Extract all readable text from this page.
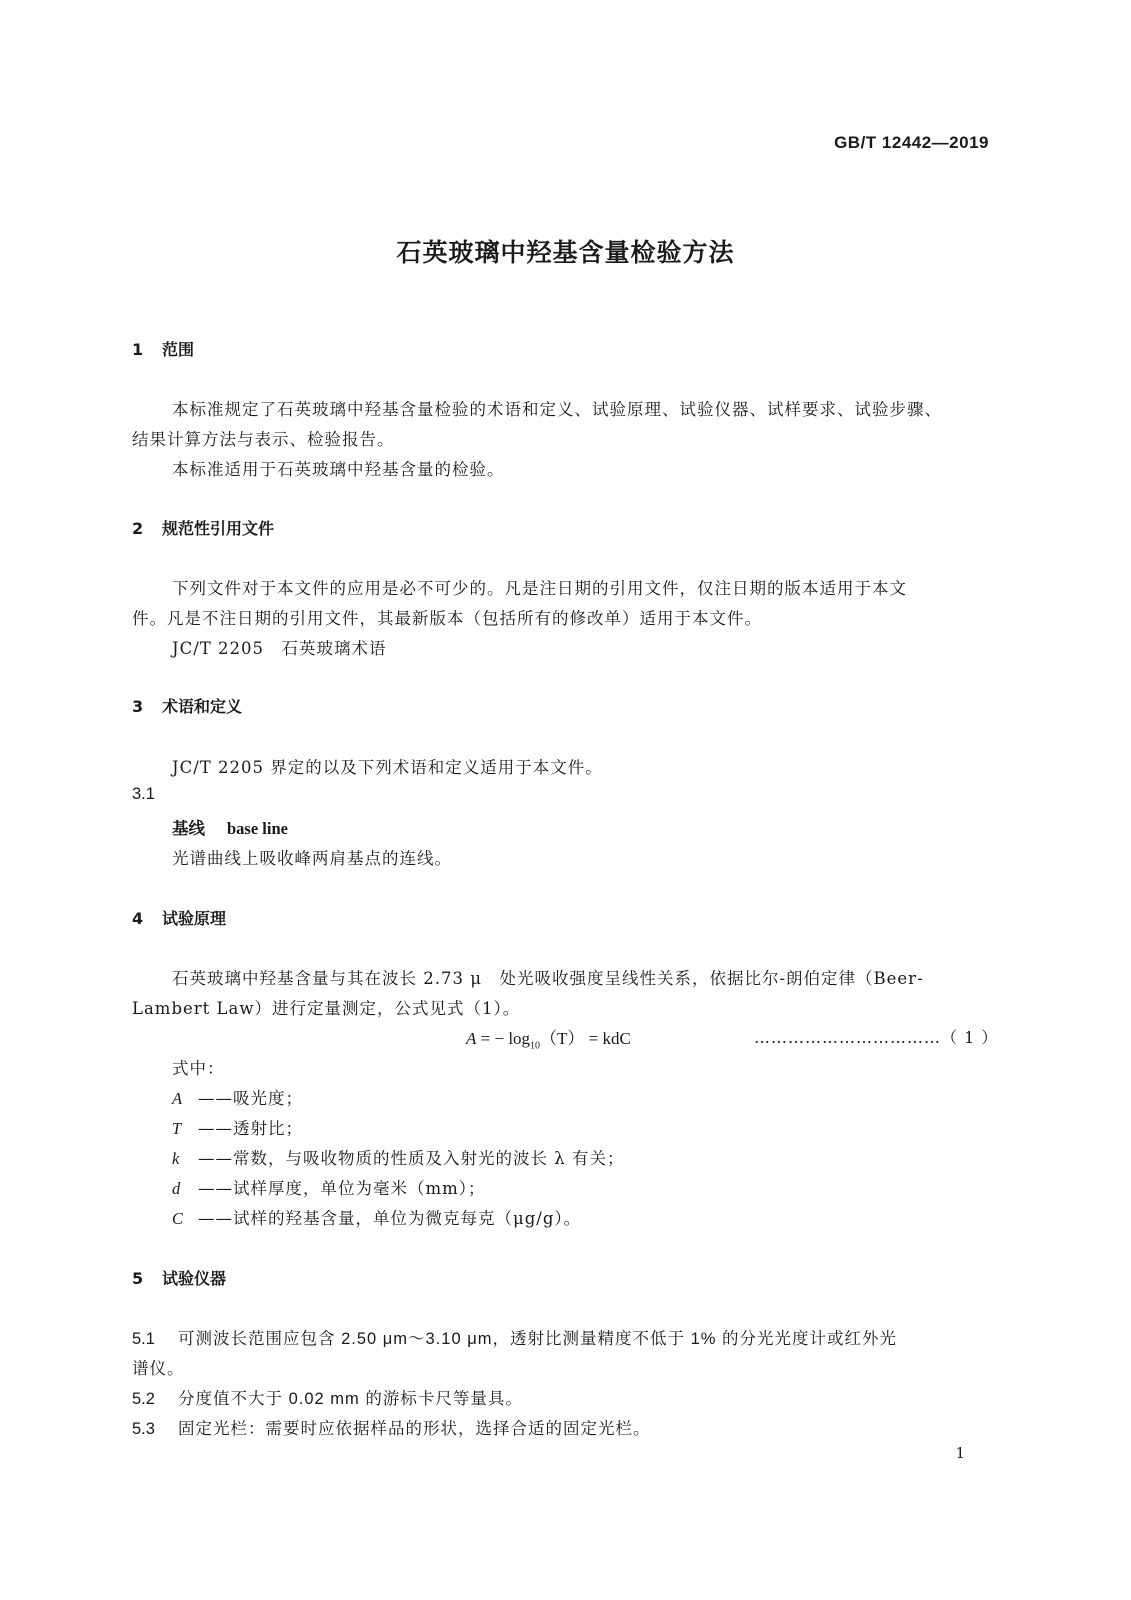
GB/T 12442—2019
石英玻璃中羟基含量检验方法
1 范围
本标准规定了石英玻璃中羟基含量检验的术语和定义、试验原理、试验仪器、试样要求、试验步骤、
结果计算方法与表示、检验报告。
本标准适用于石英玻璃中羟基含量的检验。
2 规范性引用文件
下列文件对于本文件的应用是必不可少的。凡是注日期的引用文件，仅注日期的版本适用于本文
件。凡是不注日期的引用文件，其最新版本（包括所有的修改单）适用于本文件。
JC/T 2205　石英玻璃术语
3 术语和定义
JC/T 2205 界定的以及下列术语和定义适用于本文件。
3.1
基线 base line
光谱曲线上吸收峰两肩基点的连线。
4 试验原理
石英玻璃中羟基含量与其在波长 2.73 μ　处光吸收强度呈线性关系，依据比尔-朗伯定律（Beer-
Lambert Law）进行定量测定，公式见式（1）。
A = − $\log_{10}(T)$ = kdC	……………………………（ 1 ）
式中：
A ——吸光度；
T ——透射比；
k ——常数，与吸收物质的性质及入射光的波长 λ 有关；
d ——试样厚度，单位为毫米（mm）；
C ——试样的羟基含量，单位为微克每克（μg/g）。
5 试验仪器
5.1 可测波长范围应包含 2.50 μm～3.10 μm，透射比测量精度不低于 1% 的分光光度计或红外光
谱仪。
5.2 分度值不大于 0.02 mm 的游标卡尺等量具。
5.3 固定光栏：需要时应依据样品的形状，选择合适的固定光栏。
1
